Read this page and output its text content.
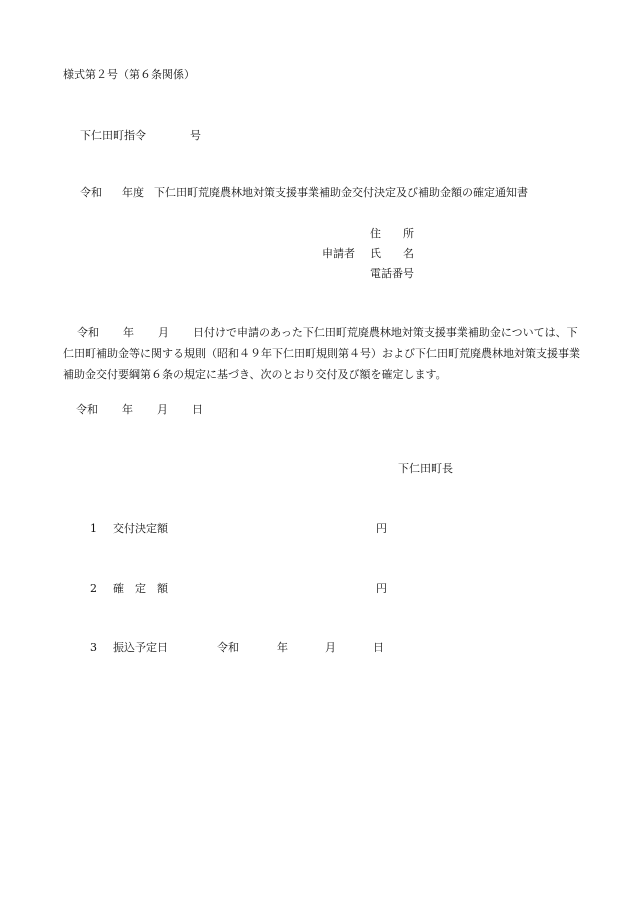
様式第２号（第６条関係）
下仁田町指令	号
令和 年度 下仁田町荒廃農林地対策支援事業補助金交付決定及び補助金額の確定通知書
住　　所
申請者	氏　　名
電話番号
令和 年 月 日付けで申請のあった下仁田町荒廃農林地対策支援事業補助金については、下仁田町補助金等に関する規則（昭和４９年下仁田町規則第４号）および下仁田町荒廃農林地対策支援事業補助金交付要綱第６条の規定に基づき、次のとおり交付及び額を確定します。
令和 年 月 日
下仁田町長
1 交付決定額	円
2 確　定　額	円
3 振込予定日	令和	年	月	日
